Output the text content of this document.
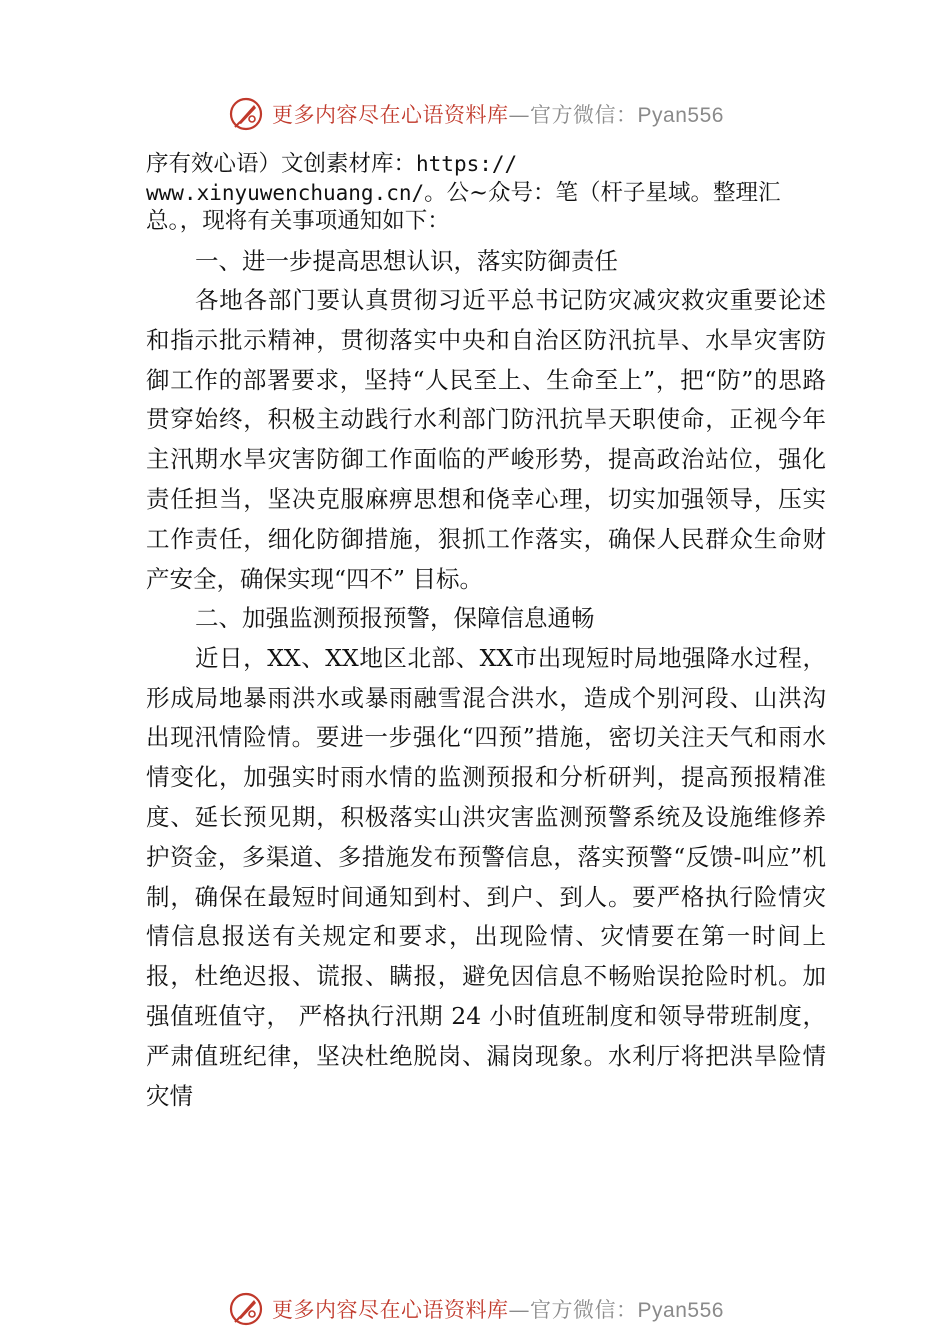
更多内容尽在心语资料库—官方微信：Pyan556

序有效心语）文创素材库：https://
www.xinyuwenchuang.cn/。公~众号：笔（杆子星域。整理汇总。，现将有关事项通知如下：

一、进一步提高思想认识，落实防御责任

各地各部门要认真贯彻习近平总书记防灾减灾救灾重要论述和指示批示精神，贯彻落实中央和自治区防汛抗旱、水旱灾害防御工作的部署要求，坚持“人民至上、生命至上”，把“防”的思路贯穿始终，积极主动践行水利部门防汛抗旱天职使命，正视今年主汛期水旱灾害防御工作面临的严峻形势，提高政治站位，强化责任担当，坚决克服麻痹思想和侥幸心理，切实加强领导，压实工作责任，细化防御措施，狠抓工作落实，确保人民群众生命财产安全，确保实现“四不” 目标。

二、加强监测预报预警，保障信息通畅

近日，XX、XX地区北部、XX市出现短时局地强降水过程，形成局地暴雨洪水或暴雨融雪混合洪水，造成个别河段、山洪沟出现汛情险情。要进一步强化“四预”措施，密切关注天气和雨水情变化，加强实时雨水情的监测预报和分析研判，提高预报精准度、延长预见期，积极落实山洪灾害监测预警系统及设施维修养护资金，多渠道、多措施发布预警信息，落实预警“反馈-叫应”机制，确保在最短时间通知到村、到户、到人。要严格执行险情灾情信息报送有关规定和要求，出现险情、灾情要在第一时间上报，杜绝迟报、谎报、瞒报，避免因信息不畅贻误抢险时机。加强值班值守， 严格执行汛期 24 小时值班制度和领导带班制度，严肃值班纪律，坚决杜绝脱岗、漏岗现象。水利厅将把洪旱险情灾情

更多内容尽在心语资料库—官方微信：Pyan556
